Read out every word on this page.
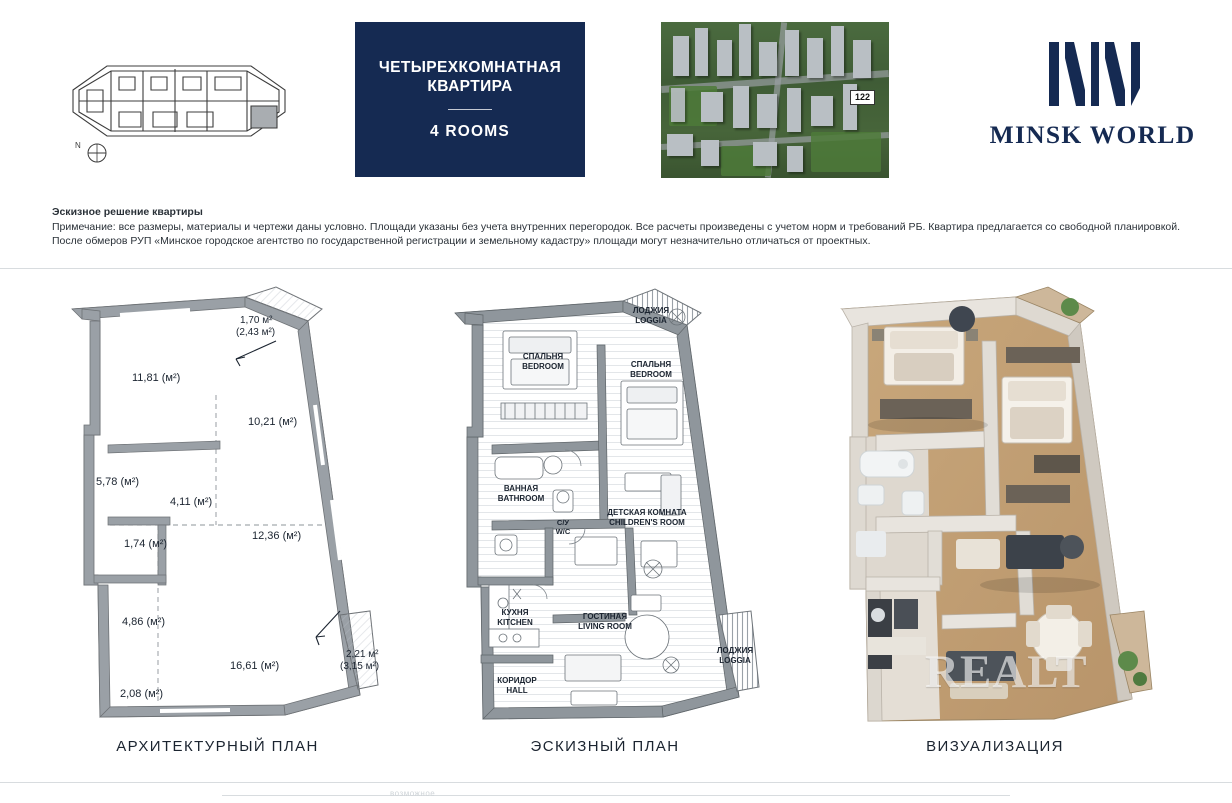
N
ЧЕТЫРЕХКОМНАТНАЯ
КВАРТИРА
4 ROOMS
122
MINSK WORLD
Эскизное решение квартиры
Примечание: все размеры, материалы и чертежи даны условно. Площади указаны без учета внутренних перегородок. Все расчеты произведены с учетом норм и требований РБ. Квартира предлагается со свободной планировкой. После обмеров РУП «Минское городское агентство по государственной регистрации и земельному кадастру» площади могут незначительно отличаться от проектных.
возможное
11,81 (м²)
10,21 (м²)
5,78 (м²)
4,11 (м²)
1,74 (м²)
12,36 (м²)
4,86 (м²)
16,61 (м²)
2,08 (м²)
1,70 м²
(2,43 м²)
2,21 м²
(3,15 м²)
ЛОДЖИЯ
LOGGIA
СПАЛЬНЯ
BEDROOM	СПАЛЬНЯ
BEDROOM
ВАННАЯ
BATHROOM
С/У
W/C
ДЕТСКАЯ КОМНАТА
CHILDREN'S ROOM
КУХНЯ
KITCHEN
ГОСТИНАЯ
LIVING ROOM
КОРИДОР
HALL
ЛОДЖИЯ
LOGGIA	REALT
АРХИТЕКТУРНЫЙ ПЛАН	ЭСКИЗНЫЙ ПЛАН	ВИЗУАЛИЗАЦИЯ
